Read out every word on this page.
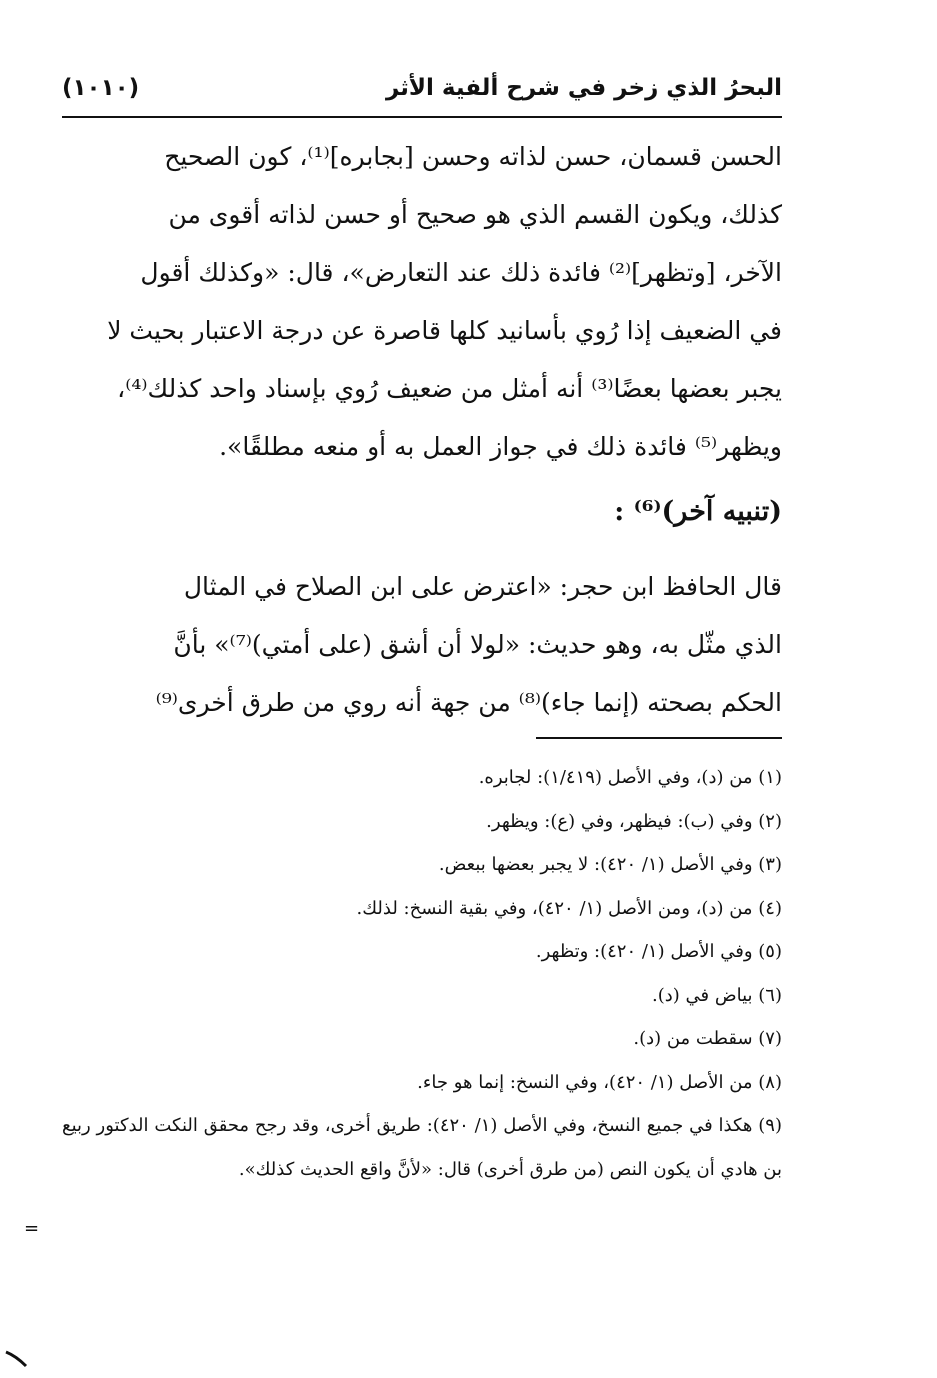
البحرُ الذي زخر في شرح ألفية الأثر
(١٠١٠)

الحسن قسمان، حسن لذاته وحسن [بجابره]⁽¹⁾، كون الصحيح

كذلك، ويكون القسم الذي هو صحيح أو حسن لذاته أقوى من

الآخر، [وتظهر]⁽²⁾ فائدة ذلك عند التعارض»، قال: «وكذلك أقول

في الضعيف إذا رُوي بأسانيد كلها قاصرة عن درجة الاعتبار بحيث لا

يجبر بعضها بعضًا⁽³⁾ أنه أمثل من ضعيف رُوي بإسناد واحد كذلك⁽⁴⁾،

ويظهر⁽⁵⁾ فائدة ذلك في جواز العمل به أو منعه مطلقًا».

(تنبيه آخر)⁽⁶⁾ :

قال الحافظ ابن حجر: «اعترض على ابن الصلاح في المثال

الذي مثّل به، وهو حديث: «لولا أن أشق (على أمتي)⁽⁷⁾» بأنَّ

الحكم بصحته (إنما جاء)⁽⁸⁾ من جهة أنه روي من طرق أخرى⁽⁹⁾

(١) من (د)، وفي الأصل (١/٤١٩): لجابره.
(٢) وفي (ب): فيظهر، وفي (ع): ويظهر.
(٣) وفي الأصل (١/ ٤٢٠): لا يجبر بعضها ببعض.
(٤) من (د)، ومن الأصل (١/ ٤٢٠)، وفي بقية النسخ: لذلك.
(٥) وفي الأصل (١/ ٤٢٠): وتظهر.
(٦) بياض في (د).
(٧) سقطت من (د).
(٨) من الأصل (١/ ٤٢٠)، وفي النسخ: إنما هو جاء.
(٩) هكذا في جميع النسخ، وفي الأصل (١/ ٤٢٠): طريق أخرى، وقد رجح محقق النكت الدكتور ربيع بن هادي أن يكون النص (من طرق أخرى) قال: «لأنَّ واقع الحديث كذلك».
=
